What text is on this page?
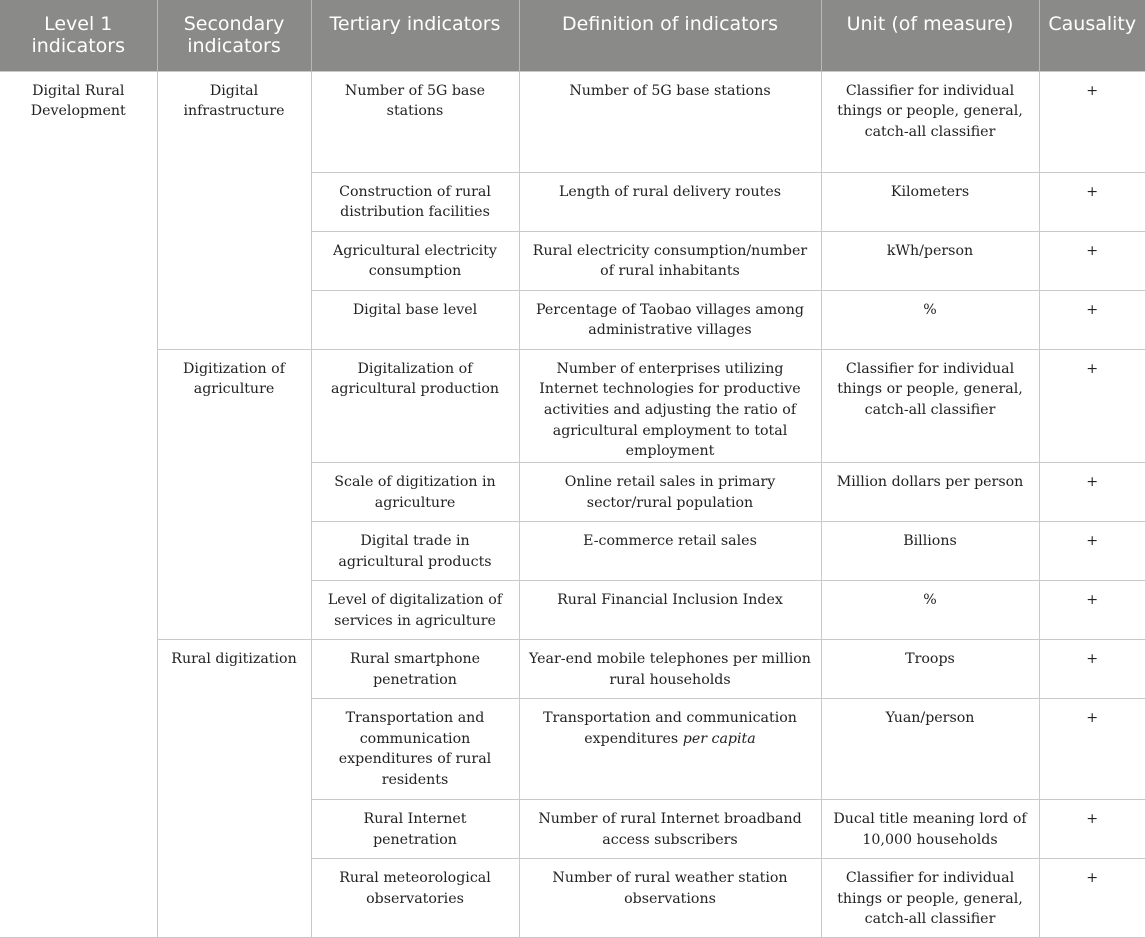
Level 1 indicators	Secondary indicators	Tertiary indicators	Definition of indicators	Unit (of measure)	Causality

Digital Rural Development	Digital infrastructure	Number of 5G base stations	Number of 5G base stations	Classifier for individual things or people, general, catch-all classifier	+
		Construction of rural distribution facilities	Length of rural delivery routes	Kilometers	+
		Agricultural electricity consumption	Rural electricity consumption/number of rural inhabitants	kWh/person	+
		Digital base level	Percentage of Taobao villages among administrative villages	%	+
	Digitization of agriculture	Digitalization of agricultural production	Number of enterprises utilizing Internet technologies for productive activities and adjusting the ratio of agricultural employment to total employment	Classifier for individual things or people, general, catch-all classifier	+
		Scale of digitization in agriculture	Online retail sales in primary sector/rural population	Million dollars per person	+
		Digital trade in agricultural products	E-commerce retail sales	Billions	+
		Level of digitalization of services in agriculture	Rural Financial Inclusion Index	%	+
	Rural digitization	Rural smartphone penetration	Year-end mobile telephones per million rural households	Troops	+
		Transportation and communication expenditures of rural residents	Transportation and communication expenditures per capita	Yuan/person	+
		Rural Internet penetration	Number of rural Internet broadband access subscribers	Ducal title meaning lord of 10,000 households	+
		Rural meteorological observatories	Number of rural weather station observations	Classifier for individual things or people, general, catch-all classifier	+
